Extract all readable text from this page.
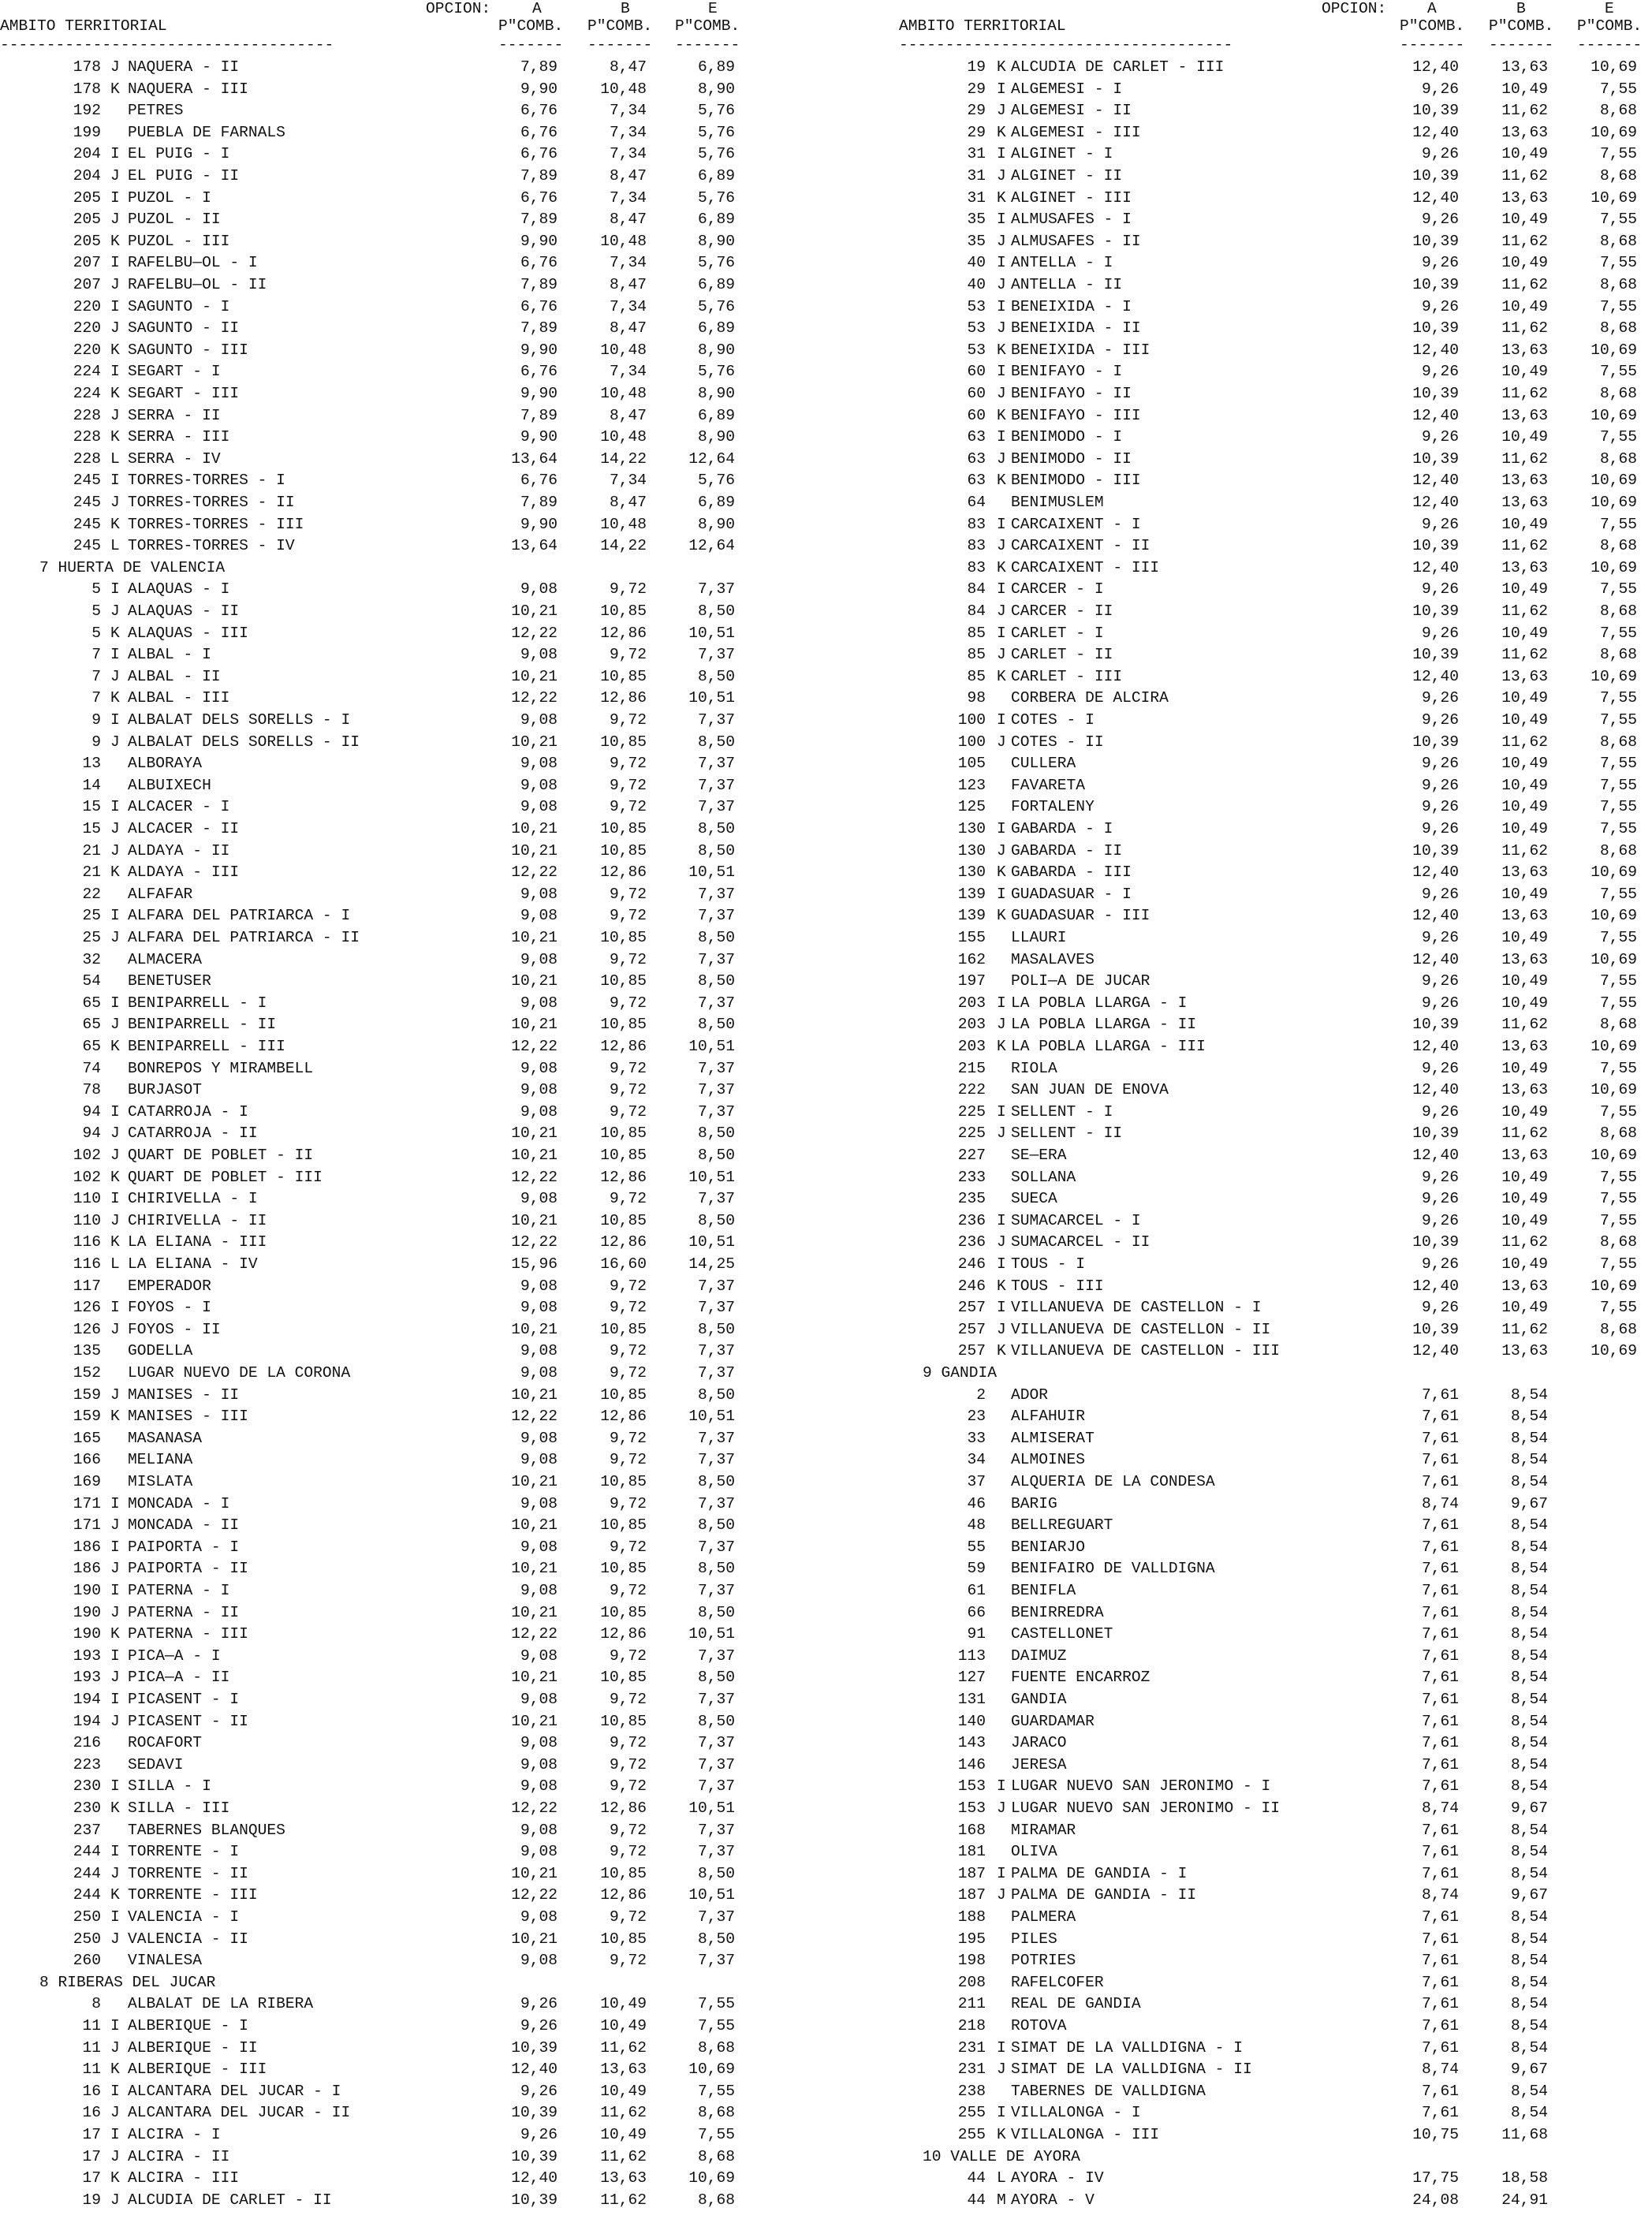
OPCION:	A	B	E
AMBITO TERRITORIAL	P"COMB. P"COMB. P"COMB.
------------------------------------	------- ------- -------
178 J NAQUERA - II	7,89	8,47	6,89
178 K NAQUERA - III	9,90	10,48	8,90
192 PETRES	6,76	7,34	5,76
199 PUEBLA DE FARNALS	6,76	7,34	5,76
204 I EL PUIG - I	6,76	7,34	5,76
204 J EL PUIG - II	7,89	8,47	6,89
205 I PUZOL - I	6,76	7,34	5,76
205 J PUZOL - II	7,89	8,47	6,89
205 K PUZOL - III	9,90	10,48	8,90
207 I RAFELBU—OL - I	6,76	7,34	5,76
207 J RAFELBU—OL - II	7,89	8,47	6,89
220 I SAGUNTO - I	6,76	7,34	5,76
220 J SAGUNTO - II	7,89	8,47	6,89
220 K SAGUNTO - III	9,90	10,48	8,90
224 I SEGART - I	6,76	7,34	5,76
224 K SEGART - III	9,90	10,48	8,90
228 J SERRA - II	7,89	8,47	6,89
228 K SERRA - III	9,90	10,48	8,90
228 L SERRA - IV	13,64	14,22	12,64
245 I TORRES-TORRES - I	6,76	7,34	5,76
245 J TORRES-TORRES - II	7,89	8,47	6,89
245 K TORRES-TORRES - III	9,90	10,48	8,90
245 L TORRES-TORRES - IV	13,64	14,22	12,64
7 HUERTA DE VALENCIA
5 I ALAQUAS - I	9,08	9,72	7,37
5 J ALAQUAS - II	10,21	10,85	8,50
5 K ALAQUAS - III	12,22	12,86	10,51
7 I ALBAL - I	9,08	9,72	7,37
7 J ALBAL - II	10,21	10,85	8,50
7 K ALBAL - III	12,22	12,86	10,51
9 I ALBALAT DELS SORELLS - I	9,08	9,72	7,37
9 J ALBALAT DELS SORELLS - II	10,21	10,85	8,50
13 ALBORAYA	9,08	9,72	7,37
14 ALBUIXECH	9,08	9,72	7,37
15 I ALCACER - I	9,08	9,72	7,37
15 J ALCACER - II	10,21	10,85	8,50
21 J ALDAYA - II	10,21	10,85	8,50
21 K ALDAYA - III	12,22	12,86	10,51
22 ALFAFAR	9,08	9,72	7,37
25 I ALFARA DEL PATRIARCA - I	9,08	9,72	7,37
25 J ALFARA DEL PATRIARCA - II	10,21	10,85	8,50
32 ALMACERA	9,08	9,72	7,37
54 BENETUSER	10,21	10,85	8,50
65 I BENIPARRELL - I	9,08	9,72	7,37
65 J BENIPARRELL - II	10,21	10,85	8,50
65 K BENIPARRELL - III	12,22	12,86	10,51
74 BONREPOS Y MIRAMBELL	9,08	9,72	7,37
78 BURJASOT	9,08	9,72	7,37
94 I CATARROJA - I	9,08	9,72	7,37
94 J CATARROJA - II	10,21	10,85	8,50
102 J QUART DE POBLET - II	10,21	10,85	8,50
102 K QUART DE POBLET - III	12,22	12,86	10,51
110 I CHIRIVELLA - I	9,08	9,72	7,37
110 J CHIRIVELLA - II	10,21	10,85	8,50
116 K LA ELIANA - III	12,22	12,86	10,51
116 L LA ELIANA - IV	15,96	16,60	14,25
117 EMPERADOR	9,08	9,72	7,37
126 I FOYOS - I	9,08	9,72	7,37
126 J FOYOS - II	10,21	10,85	8,50
135 GODELLA	9,08	9,72	7,37
152 LUGAR NUEVO DE LA CORONA	9,08	9,72	7,37
159 J MANISES - II	10,21	10,85	8,50
159 K MANISES - III	12,22	12,86	10,51
165 MASANASA	9,08	9,72	7,37
166 MELIANA	9,08	9,72	7,37
169 MISLATA	10,21	10,85	8,50
171 I MONCADA - I	9,08	9,72	7,37
171 J MONCADA - II	10,21	10,85	8,50
186 I PAIPORTA - I	9,08	9,72	7,37
186 J PAIPORTA - II	10,21	10,85	8,50
190 I PATERNA - I	9,08	9,72	7,37
190 J PATERNA - II	10,21	10,85	8,50
190 K PATERNA - III	12,22	12,86	10,51
193 I PICA—A - I	9,08	9,72	7,37
193 J PICA—A - II	10,21	10,85	8,50
194 I PICASENT - I	9,08	9,72	7,37
194 J PICASENT - II	10,21	10,85	8,50
216 ROCAFORT	9,08	9,72	7,37
223 SEDAVI	9,08	9,72	7,37
230 I SILLA - I	9,08	9,72	7,37
230 K SILLA - III	12,22	12,86	10,51
237 TABERNES BLANQUES	9,08	9,72	7,37
244 I TORRENTE - I	9,08	9,72	7,37
244 J TORRENTE - II	10,21	10,85	8,50
244 K TORRENTE - III	12,22	12,86	10,51
250 I VALENCIA - I	9,08	9,72	7,37
250 J VALENCIA - II	10,21	10,85	8,50
260 VINALESA	9,08	9,72	7,37
8 RIBERAS DEL JUCAR
8 ALBALAT DE LA RIBERA	9,26	10,49	7,55
11 I ALBERIQUE - I	9,26	10,49	7,55
11 J ALBERIQUE - II	10,39	11,62	8,68
11 K ALBERIQUE - III	12,40	13,63	10,69
16 I ALCANTARA DEL JUCAR - I	9,26	10,49	7,55
16 J ALCANTARA DEL JUCAR - II	10,39	11,62	8,68
17 I ALCIRA - I	9,26	10,49	7,55
17 J ALCIRA - II	10,39	11,62	8,68
17 K ALCIRA - III	12,40	13,63	10,69
19 J ALCUDIA DE CARLET - II	10,39	11,62	8,68
OPCION:	A	B	E
AMBITO TERRITORIAL	P"COMB. P"COMB. P"COMB.
------------------------------------	------- ------- -------
19 K ALCUDIA DE CARLET - III	12,40	13,63	10,69
29 I ALGEMESI - I	9,26	10,49	7,55
29 J ALGEMESI - II	10,39	11,62	8,68
29 K ALGEMESI - III	12,40	13,63	10,69
31 I ALGINET - I	9,26	10,49	7,55
31 J ALGINET - II	10,39	11,62	8,68
31 K ALGINET - III	12,40	13,63	10,69
35 I ALMUSAFES - I	9,26	10,49	7,55
35 J ALMUSAFES - II	10,39	11,62	8,68
40 I ANTELLA - I	9,26	10,49	7,55
40 J ANTELLA - II	10,39	11,62	8,68
53 I BENEIXIDA - I	9,26	10,49	7,55
53 J BENEIXIDA - II	10,39	11,62	8,68
53 K BENEIXIDA - III	12,40	13,63	10,69
60 I BENIFAYO - I	9,26	10,49	7,55
60 J BENIFAYO - II	10,39	11,62	8,68
60 K BENIFAYO - III	12,40	13,63	10,69
63 I BENIMODO - I	9,26	10,49	7,55
63 J BENIMODO - II	10,39	11,62	8,68
63 K BENIMODO - III	12,40	13,63	10,69
64 BENIMUSLEM	12,40	13,63	10,69
83 I CARCAIXENT - I	9,26	10,49	7,55
83 J CARCAIXENT - II	10,39	11,62	8,68
83 K CARCAIXENT - III	12,40	13,63	10,69
84 I CARCER - I	9,26	10,49	7,55
84 J CARCER - II	10,39	11,62	8,68
85 I CARLET - I	9,26	10,49	7,55
85 J CARLET - II	10,39	11,62	8,68
85 K CARLET - III	12,40	13,63	10,69
98 CORBERA DE ALCIRA	9,26	10,49	7,55
100 I COTES - I	9,26	10,49	7,55
100 J COTES - II	10,39	11,62	8,68
105 CULLERA	9,26	10,49	7,55
123 FAVARETA	9,26	10,49	7,55
125 FORTALENY	9,26	10,49	7,55
130 I GABARDA - I	9,26	10,49	7,55
130 J GABARDA - II	10,39	11,62	8,68
130 K GABARDA - III	12,40	13,63	10,69
139 I GUADASUAR - I	9,26	10,49	7,55
139 K GUADASUAR - III	12,40	13,63	10,69
155 LLAURI	9,26	10,49	7,55
162 MASALAVES	12,40	13,63	10,69
197 POLI—A DE JUCAR	9,26	10,49	7,55
203 I LA POBLA LLARGA - I	9,26	10,49	7,55
203 J LA POBLA LLARGA - II	10,39	11,62	8,68
203 K LA POBLA LLARGA - III	12,40	13,63	10,69
215 RIOLA	9,26	10,49	7,55
222 SAN JUAN DE ENOVA	12,40	13,63	10,69
225 I SELLENT - I	9,26	10,49	7,55
225 J SELLENT - II	10,39	11,62	8,68
227 SE—ERA	12,40	13,63	10,69
233 SOLLANA	9,26	10,49	7,55
235 SUECA	9,26	10,49	7,55
236 I SUMACARCEL - I	9,26	10,49	7,55
236 J SUMACARCEL - II	10,39	11,62	8,68
246 I TOUS - I	9,26	10,49	7,55
246 K TOUS - III	12,40	13,63	10,69
257 I VILLANUEVA DE CASTELLON - I	9,26	10,49	7,55
257 J VILLANUEVA DE CASTELLON - II	10,39	11,62	8,68
257 K VILLANUEVA DE CASTELLON - III	12,40	13,63	10,69
9 GANDIA
2 ADOR	7,61	8,54
23 ALFAHUIR	7,61	8,54
33 ALMISERAT	7,61	8,54
34 ALMOINES	7,61	8,54
37 ALQUERIA DE LA CONDESA	7,61	8,54
46 BARIG	8,74	9,67
48 BELLREGUART	7,61	8,54
55 BENIARJO	7,61	8,54
59 BENIFAIRO DE VALLDIGNA	7,61	8,54
61 BENIFLA	7,61	8,54
66 BENIRREDRA	7,61	8,54
91 CASTELLONET	7,61	8,54
113 DAIMUZ	7,61	8,54
127 FUENTE ENCARROZ	7,61	8,54
131 GANDIA	7,61	8,54
140 GUARDAMAR	7,61	8,54
143 JARACO	7,61	8,54
146 JERESA	7,61	8,54
153 I LUGAR NUEVO SAN JERONIMO - I	7,61	8,54
153 J LUGAR NUEVO SAN JERONIMO - II	8,74	9,67
168 MIRAMAR	7,61	8,54
181 OLIVA	7,61	8,54
187 I PALMA DE GANDIA - I	7,61	8,54
187 J PALMA DE GANDIA - II	8,74	9,67
188 PALMERA	7,61	8,54
195 PILES	7,61	8,54
198 POTRIES	7,61	8,54
208 RAFELCOFER	7,61	8,54
211 REAL DE GANDIA	7,61	8,54
218 ROTOVA	7,61	8,54
231 I SIMAT DE LA VALLDIGNA - I	7,61	8,54
231 J SIMAT DE LA VALLDIGNA - II	8,74	9,67
238 TABERNES DE VALLDIGNA	7,61	8,54
255 I VILLALONGA - I	7,61	8,54
255 K VILLALONGA - III	10,75	11,68
10 VALLE DE AYORA
44 L AYORA - IV	17,75	18,58
44 M AYORA - V	24,08	24,91
